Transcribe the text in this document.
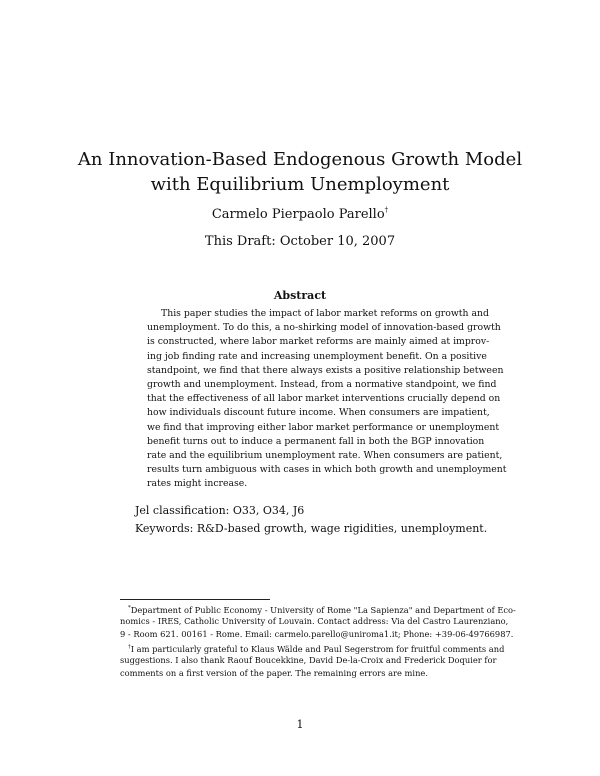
An Innovation-Based Endogenous Growth Model
with Equilibrium Unemployment
Carmelo Pierpaolo Parello†
This Draft: October 10, 2007
Abstract
This paper studies the impact of labor market reforms on growth and
unemployment. To do this, a no-shirking model of innovation-based growth
is constructed, where labor market reforms are mainly aimed at improv-
ing job finding rate and increasing unemployment benefit. On a positive
standpoint, we find that there always exists a positive relationship between
growth and unemployment. Instead, from a normative standpoint, we find
that the effectiveness of all labor market interventions crucially depend on
how individuals discount future income. When consumers are impatient,
we find that improving either labor market performance or unemployment
benefit turns out to induce a permanent fall in both the BGP innovation
rate and the equilibrium unemployment rate. When consumers are patient,
results turn ambiguous with cases in which both growth and unemployment
rates might increase.
Jel classification: O33, O34, J6
Keywords: R&D-based growth, wage rigidities, unemployment.
*Department of Public Economy - University of Rome "La Sapienza" and Department of Eco-
nomics - IRES, Catholic University of Louvain. Contact address: Via del Castro Laurenziano,
9 - Room 621. 00161 - Rome. Email: carmelo.parello@uniroma1.it; Phone: +39-06-49766987.
†I am particularly grateful to Klaus Wälde and Paul Segerstrom for fruitful comments and
suggestions. I also thank Raouf Boucekkine, David De-la-Croix and Frederick Doquier for
comments on a first version of the paper. The remaining errors are mine.
1
